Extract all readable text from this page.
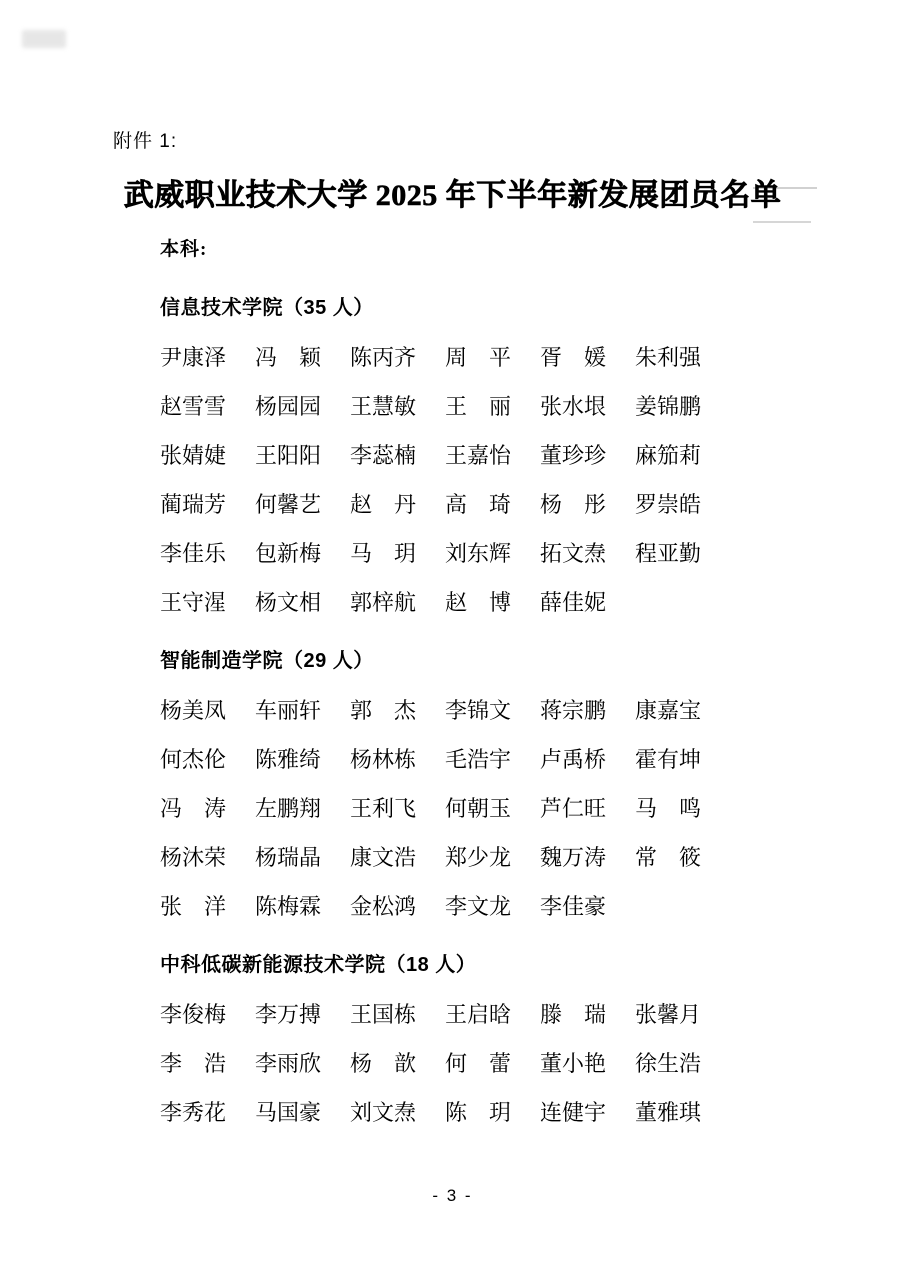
附件 1:
武威职业技术大学 2025 年下半年新发展团员名单
本科:
信息技术学院（35 人）
尹康泽 冯颖 陈丙齐 周平 胥媛 朱利强
赵雪雪 杨园园 王慧敏 王丽 张水垠 姜锦鹏
张婧婕 王阳阳 李蕊楠 王嘉怡 董珍珍 麻笳莉
蔺瑞芳 何馨艺 赵丹 高琦 杨彤 罗崇皓
李佳乐 包新梅 马玥 刘东辉 拓文焘 程亚勤
王守湦 杨文相 郭梓航 赵博 薛佳妮
智能制造学院（29 人）
杨美凤 车丽轩 郭杰 李锦文 蒋宗鹏 康嘉宝
何杰伦 陈雅绮 杨林栋 毛浩宇 卢禹桥 霍有坤
冯涛 左鹏翔 王利飞 何朝玉 芦仁旺 马鸣
杨沐荣 杨瑞晶 康文浩 郑少龙 魏万涛 常筱
张洋 陈梅霖 金松鸿 李文龙 李佳豪
中科低碳新能源技术学院（18 人）
李俊梅 李万搏 王国栋 王启晗 滕瑞 张馨月
李浩 李雨欣 杨歆 何蕾 董小艳 徐生浩
李秀花 马国豪 刘文焘 陈玥 连健宇 董雅琪
- 3 -
